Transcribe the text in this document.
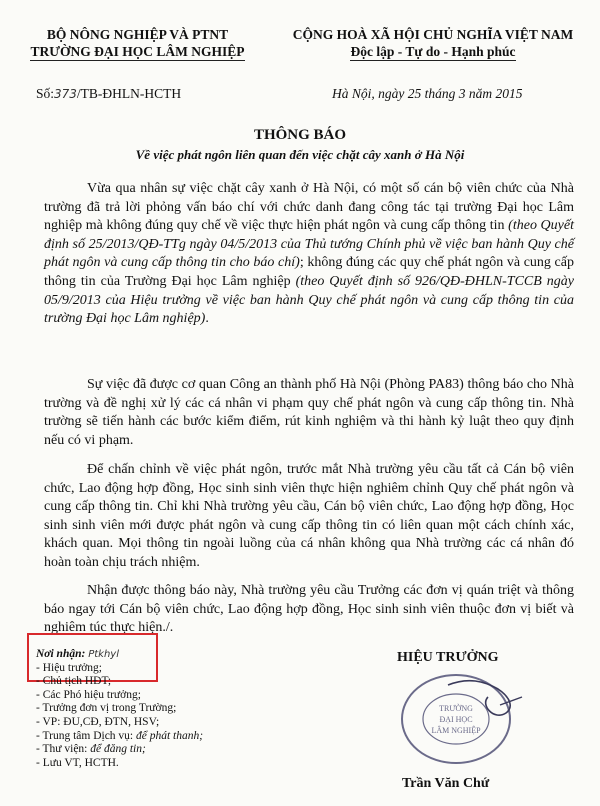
BỘ NÔNG NGHIỆP VÀ PTNT
TRƯỜNG ĐẠI HỌC LÂM NGHIỆP
CỘNG HOÀ XÃ HỘI CHỦ NGHĨA VIỆT NAM
Độc lập - Tự do - Hạnh phúc
Số:373/TB-ĐHLN-HCTH	Hà Nội, ngày 25 tháng 3 năm 2015
THÔNG BÁO
Về việc phát ngôn liên quan đến việc chặt cây xanh ở Hà Nội
Vừa qua nhân sự việc chặt cây xanh ở Hà Nội, có một số cán bộ viên chức của Nhà trường đã trả lời phỏng vấn báo chí với chức danh đang công tác tại trường Đại học Lâm nghiệp mà không đúng quy chế về việc thực hiện phát ngôn và cung cấp thông tin (theo Quyết định số 25/2013/QĐ-TTg ngày 04/5/2013 của Thủ tướng Chính phủ về việc ban hành Quy chế phát ngôn và cung cấp thông tin cho báo chí); không đúng các quy chế phát ngôn và cung cấp thông tin của Trường Đại học Lâm nghiệp (theo Quyết định số 926/QĐ-ĐHLN-TCCB ngày 05/9/2013 của Hiệu trưởng về việc ban hành Quy chế phát ngôn và cung cấp thông tin của trường Đại học Lâm nghiệp).
Sự việc đã được cơ quan Công an thành phố Hà Nội (Phòng PA83) thông báo cho Nhà trường và đề nghị xử lý các cá nhân vi phạm quy chế phát ngôn và cung cấp thông tin. Nhà trường sẽ tiến hành các bước kiểm điểm, rút kinh nghiệm và thi hành kỷ luật theo quy định nếu có vi phạm.
Để chấn chỉnh về việc phát ngôn, trước mắt Nhà trường yêu cầu tất cả Cán bộ viên chức, Lao động hợp đồng, Học sinh sinh viên thực hiện nghiêm chỉnh Quy chế phát ngôn và cung cấp thông tin. Chỉ khi Nhà trường yêu cầu, Cán bộ viên chức, Lao động hợp đồng, Học sinh sinh viên mới được phát ngôn và cung cấp thông tin có liên quan một cách chính xác, khách quan. Mọi thông tin ngoài luồng của cá nhân không qua Nhà trường các cá nhân đó hoàn toàn chịu trách nhiệm.
Nhận được thông báo này, Nhà trường yêu cầu Trưởng các đơn vị quán triệt và thông báo ngay tới Cán bộ viên chức, Lao động hợp đồng, Học sinh sinh viên thuộc đơn vị biết và nghiêm túc thực hiện./.
Nơi nhận: Ptkhyl
- Hiệu trưởng;
- Chủ tịch HĐT;
- Các Phó hiệu trưởng;
- Trưởng đơn vị trong Trường;
- VP: ĐU,CĐ, ĐTN, HSV;
- Trung tâm Dịch vụ: để phát thanh;
- Thư viện: để đăng tin;
- Lưu VT, HCTH.
HIỆU TRƯỞNG
TRƯỜNG
ĐẠI HỌC
LÂM NGHIỆP
Trần Văn Chứ
